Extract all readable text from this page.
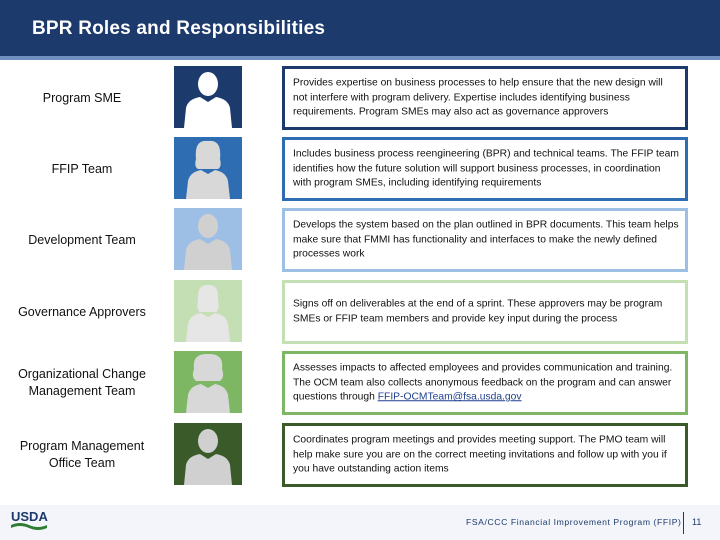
BPR Roles and Responsibilities
Program SME

Provides expertise on business processes to help ensure that the new design will not interfere with program delivery. Expertise includes identifying business requirements. Program SMEs may also act as governance approvers

FFIP Team

Includes business process reengineering (BPR) and technical teams. The FFIP team identifies how the future solution will support business processes, in coordination with program SMEs, including identifying requirements

Development Team

Develops the system based on the plan outlined in BPR documents. This team helps make sure that FMMI has functionality and interfaces to make the newly defined processes work

Governance Approvers

Signs off on deliverables at the end of a sprint. These approvers may be program SMEs or FFIP team members and provide key input during the process

Organizational Change Management Team

Assesses impacts to affected employees and provides communication and training. The OCM team also collects anonymous feedback on the program and can answer questions through FFIP-OCMTeam@fsa.usda.gov

Program Management Office Team

Coordinates program meetings and provides meeting support. The PMO team will help make sure you are on the correct meeting invitations and follow up with you if you have outstanding action items

USDA	FSA/CCC Financial Improvement Program (FFIP) 11
